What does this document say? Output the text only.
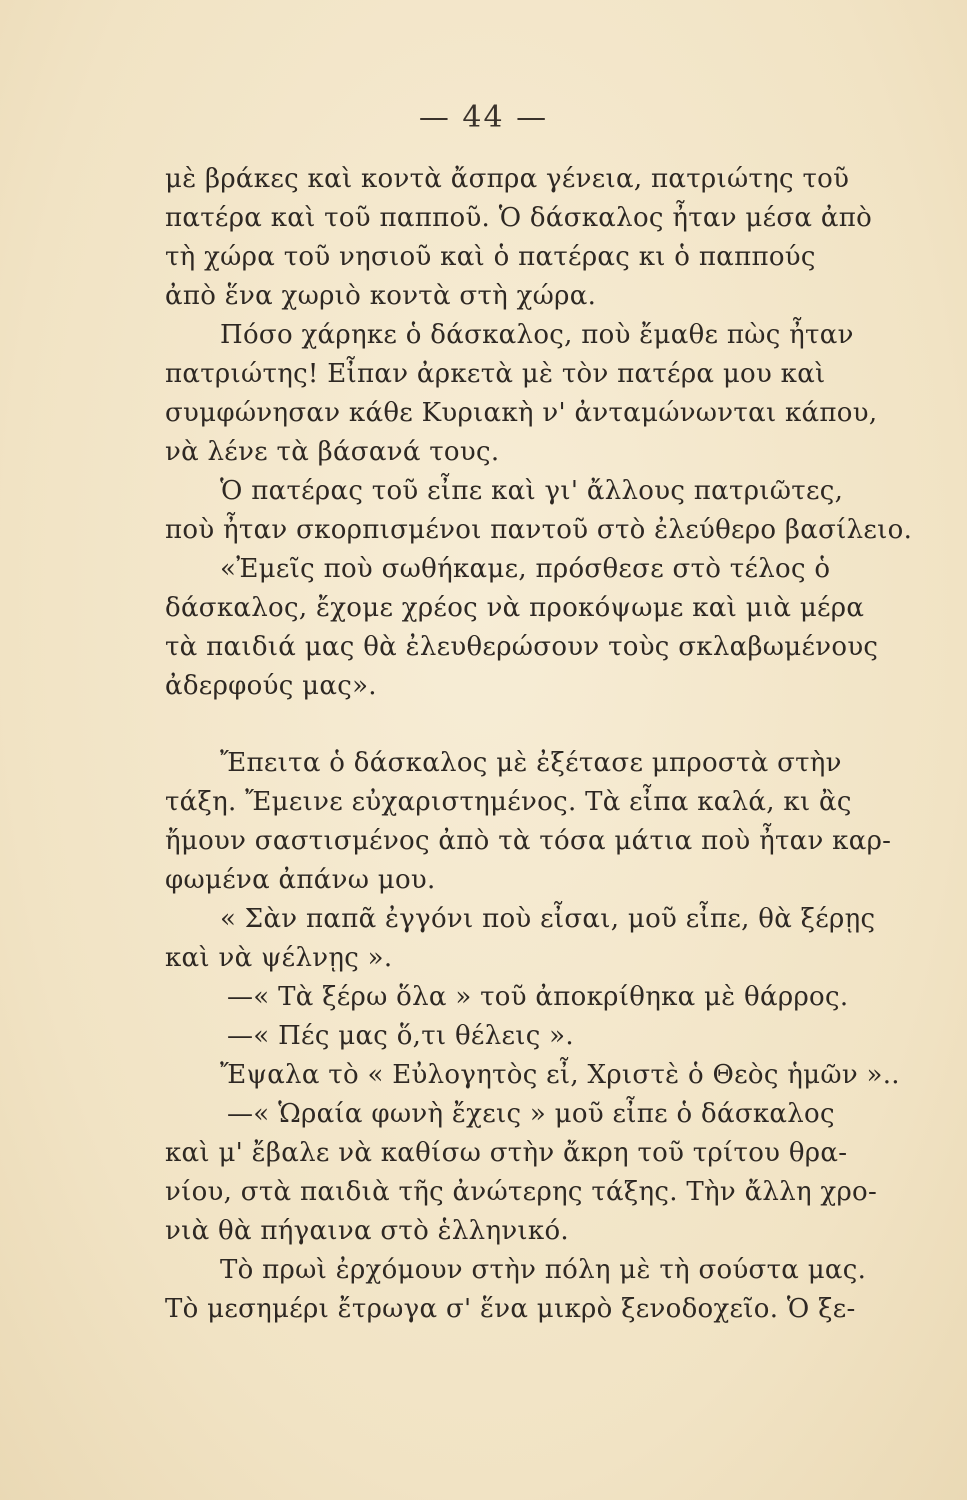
— 44 —
μὲ βράκες καὶ κοντὰ ἄσπρα γένεια, πατριώτης τοῦ
πατέρα καὶ τοῦ παπποῦ. Ὁ δάσκαλος ἦταν μέσα ἀπὸ
τὴ χώρα τοῦ νησιοῦ καὶ ὁ πατέρας κι ὁ παππούς
ἀπὸ ἕνα χωριὸ κοντὰ στὴ χώρα.
Πόσο χάρηκε ὁ δάσκαλος, ποὺ ἔμαθε πὼς ἦταν
πατριώτης! Εἶπαν ἀρκετὰ μὲ τὸν πατέρα μου καὶ
συμφώνησαν κάθε Κυριακὴ ν' ἀνταμώνωνται κάπου,
νὰ λένε τὰ βάσανά τους.
Ὁ πατέρας τοῦ εἶπε καὶ γι' ἄλλους πατριῶτες,
ποὺ ἦταν σκορπισμένοι παντοῦ στὸ ἐλεύθερο βασίλειο.
«Ἐμεῖς ποὺ σωθήκαμε, πρόσθεσε στὸ τέλος ὁ
δάσκαλος, ἔχομε χρέος νὰ προκόψωμε καὶ μιὰ μέρα
τὰ παιδιά μας θὰ ἐλευθερώσουν τοὺς σκλαβωμένους
ἀδερφούς μας».
Ἔπειτα ὁ δάσκαλος μὲ ἐξέτασε μπροστὰ στὴν
τάξη. Ἔμεινε εὐχαριστημένος. Τὰ εἶπα καλά, κι ἂς
ἤμουν σαστισμένος ἀπὸ τὰ τόσα μάτια ποὺ ἦταν καρ-
φωμένα ἀπάνω μου.
« Σὰν παπᾶ ἐγγόνι ποὺ εἶσαι, μοῦ εἶπε, θὰ ξέρῃς
καὶ νὰ ψέλνῃς ».
—« Τὰ ξέρω ὅλα » τοῦ ἀποκρίθηκα μὲ θάρρος.
—« Πές μας ὅ,τι θέλεις ».
Ἔψαλα τὸ « Εὐλογητὸς εἶ, Χριστὲ ὁ Θεὸς ἡμῶν »..
—« Ὡραία φωνὴ ἔχεις » μοῦ εἶπε ὁ δάσκαλος
καὶ μ' ἔβαλε νὰ καθίσω στὴν ἄκρη τοῦ τρίτου θρα-
νίου, στὰ παιδιὰ τῆς ἀνώτερης τάξης. Τὴν ἄλλη χρο-
νιὰ θὰ πήγαινα στὸ ἑλληνικό.
Τὸ πρωὶ ἐρχόμουν στὴν πόλη μὲ τὴ σούστα μας.
Τὸ μεσημέρι ἔτρωγα σ' ἕνα μικρὸ ξενοδοχεῖο. Ὁ ξε-
